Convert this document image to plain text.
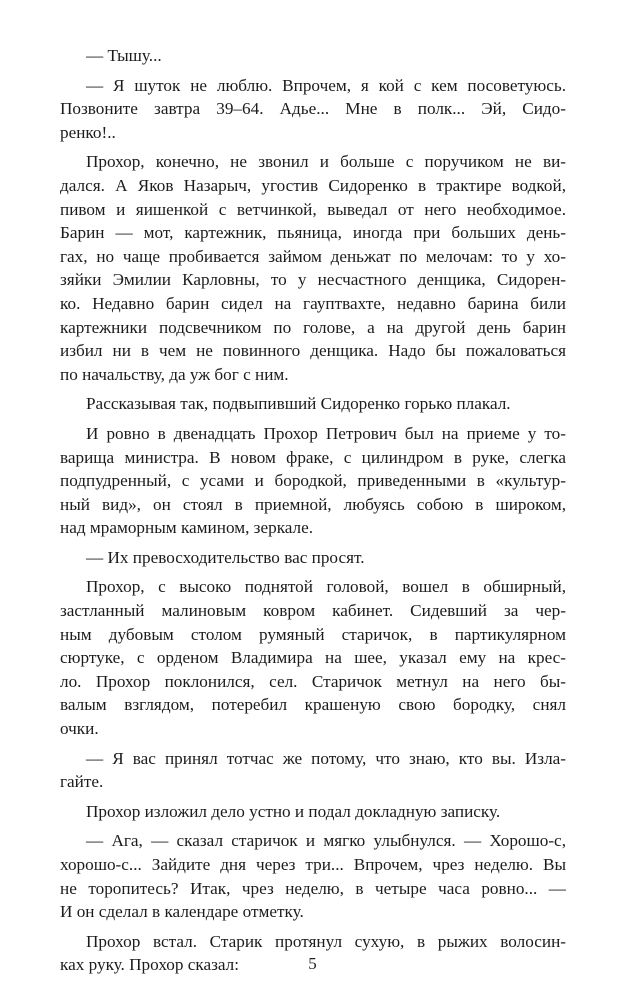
— Тышу...
— Я шуток не люблю. Впрочем, я кой с кем посоветуюсь.
Позвоните завтра 39–64. Адье... Мне в полк... Эй, Сидо-
ренко!..
Прохор, конечно, не звонил и больше с поручиком не ви-
дался. А Яков Назарыч, угостив Сидоренко в трактире водкой,
пивом и яишенкой с ветчинкой, выведал от него необходимое.
Барин — мот, картежник, пьяница, иногда при больших день-
гах, но чаще пробивается займом деньжат по мелочам: то у хо-
зяйки Эмилии Карловны, то у несчастного денщика, Сидорен-
ко. Недавно барин сидел на гауптвахте, недавно барина били
картежники подсвечником по голове, а на другой день барин
избил ни в чем не повинного денщика. Надо бы пожаловаться
по начальству, да уж бог с ним.
Рассказывая так, подвыпивший Сидоренко горько плакал.
И ровно в двенадцать Прохор Петрович был на приеме у то-
варища министра. В новом фраке, с цилиндром в руке, слегка
подпудренный, с усами и бородкой, приведенными в «культур-
ный вид», он стоял в приемной, любуясь собою в широком,
над мраморным камином, зеркале.
— Их превосходительство вас просят.
Прохор, с высоко поднятой головой, вошел в обширный,
застланный малиновым ковром кабинет. Сидевший за чер-
ным дубовым столом румяный старичок, в партикулярном
сюртуке, с орденом Владимира на шее, указал ему на крес-
ло. Прохор поклонился, сел. Старичок метнул на него бы-
валым взглядом, потеребил крашеную свою бородку, снял
очки.
— Я вас принял тотчас же потому, что знаю, кто вы. Изла-
гайте.
Прохор изложил дело устно и подал докладную записку.
— Ага, — сказал старичок и мягко улыбнулся. — Хорошо-с,
хорошо-с... Зайдите дня через три... Впрочем, чрез неделю. Вы
не торопитесь? Итак, чрез неделю, в четыре часа ровно... —
И он сделал в календаре отметку.
Прохор встал. Старик протянул сухую, в рыжих волосин-
ках руку. Прохор сказал:	5
